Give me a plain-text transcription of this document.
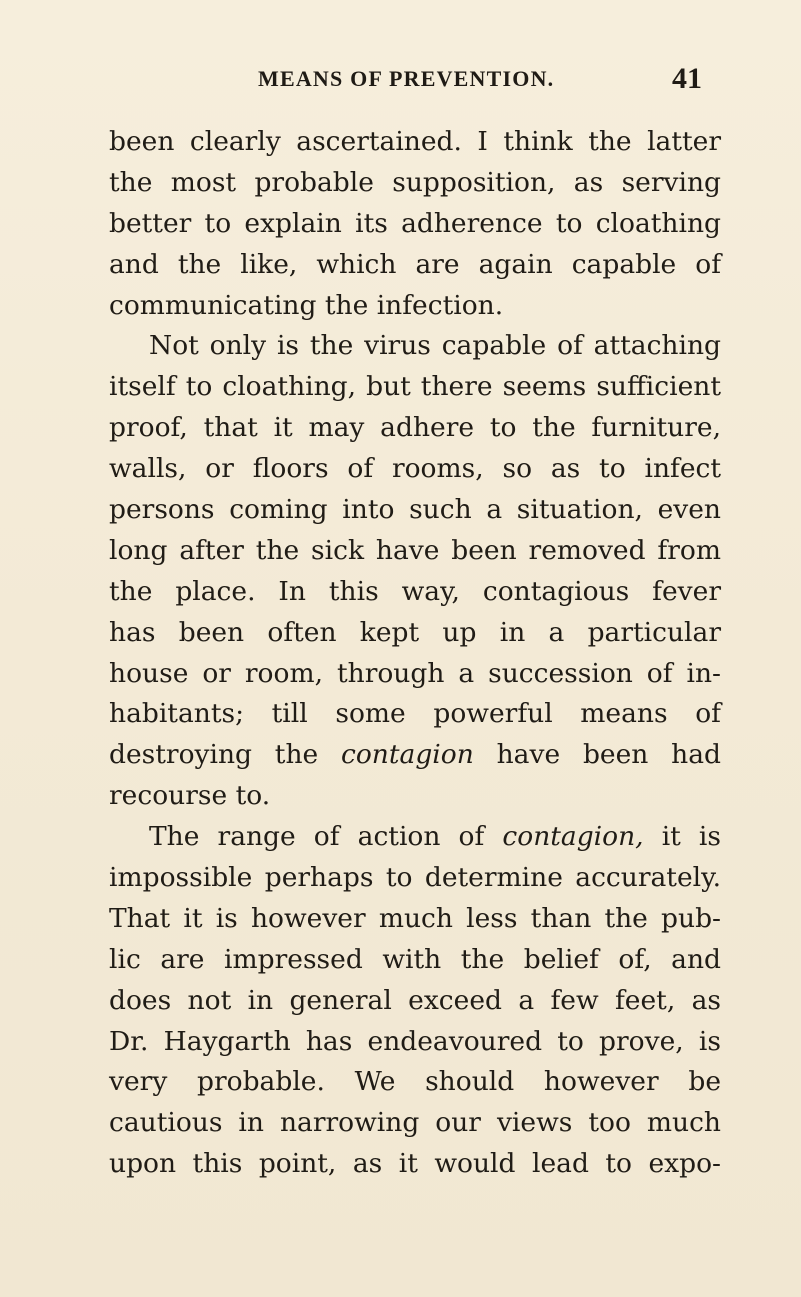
MEANS OF PREVENTION.	41
been clearly ascertained. I think the latter
the most probable supposition, as serving
better to explain its adherence to cloathing
and the like, which are again capable of
communicating the infection.
Not only is the virus capable of attaching
itself to cloathing, but there seems sufficient
proof, that it may adhere to the furniture,
walls, or floors of rooms, so as to infect
persons coming into such a situation, even
long after the sick have been removed from
the place. In this way, contagious fever
has been often kept up in a particular
house or room, through a succession of in-
habitants; till some powerful means of
destroying the contagion have been had
recourse to.
The range of action of contagion, it is
impossible perhaps to determine accurately.
That it is however much less than the pub-
lic are impressed with the belief of, and
does not in general exceed a few feet, as
Dr. Haygarth has endeavoured to prove, is
very probable. We should however be
cautious in narrowing our views too much
upon this point, as it would lead to expo-
